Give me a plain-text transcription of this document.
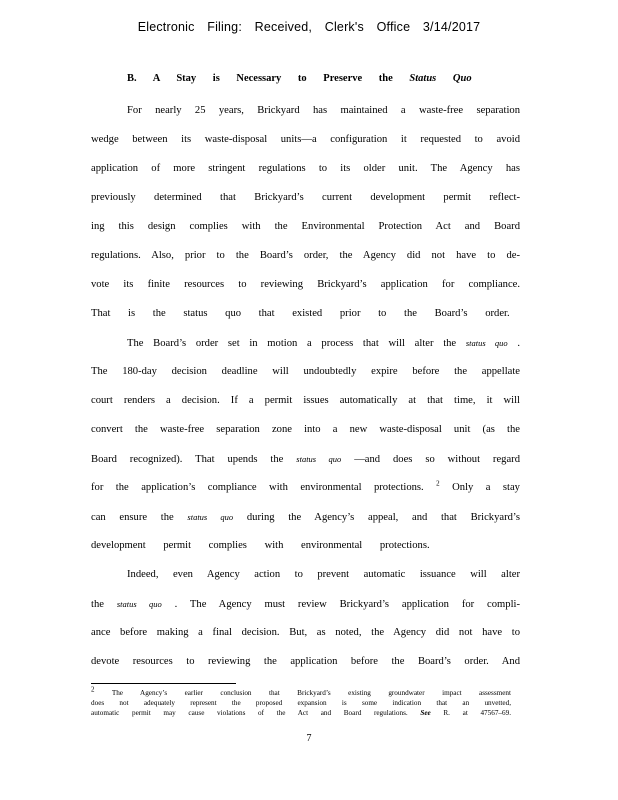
Electronic Filing: Received, Clerk's Office 3/14/2017
B. A Stay is Necessary to Preserve the Status Quo
For nearly 25 years, Brickyard has maintained a waste-free separation
wedge between its waste-disposal units—a configuration it requested to avoid
application of more stringent regulations to its older unit. The Agency has
previously determined that Brickyard’s current development permit reflect-
ing this design complies with the Environmental Protection Act and Board
regulations. Also, prior to the Board’s order, the Agency did not have to de-
vote its finite resources to reviewing Brickyard’s application for compliance.
That is the status quo that existed prior to the Board’s order.
The Board’s order set in motion a process that will alter the status quo .
The 180-day decision deadline will undoubtedly expire before the appellate
court renders a decision. If a permit issues automatically at that time, it will
convert the waste-free separation zone into a new waste-disposal unit (as the
Board recognized). That upends the status quo —and does so without regard
for the application’s compliance with environmental protections. $^2$ Only a stay
can ensure the status quo during the Agency’s appeal, and that Brickyard’s
development permit complies with environmental protections.
Indeed, even Agency action to prevent automatic issuance will alter
the status quo . The Agency must review Brickyard’s application for compli-
ance before making a final decision. But, as noted, the Agency did not have to
devote resources to reviewing the application before the Board’s order. And
$^2$ The Agency’s earlier conclusion that Brickyard’s existing groundwater impact assessment
does not adequately represent the proposed expansion is some indication that an unvetted,
automatic permit may cause violations of the Act and Board regulations. See R. at 47567–69.
7
